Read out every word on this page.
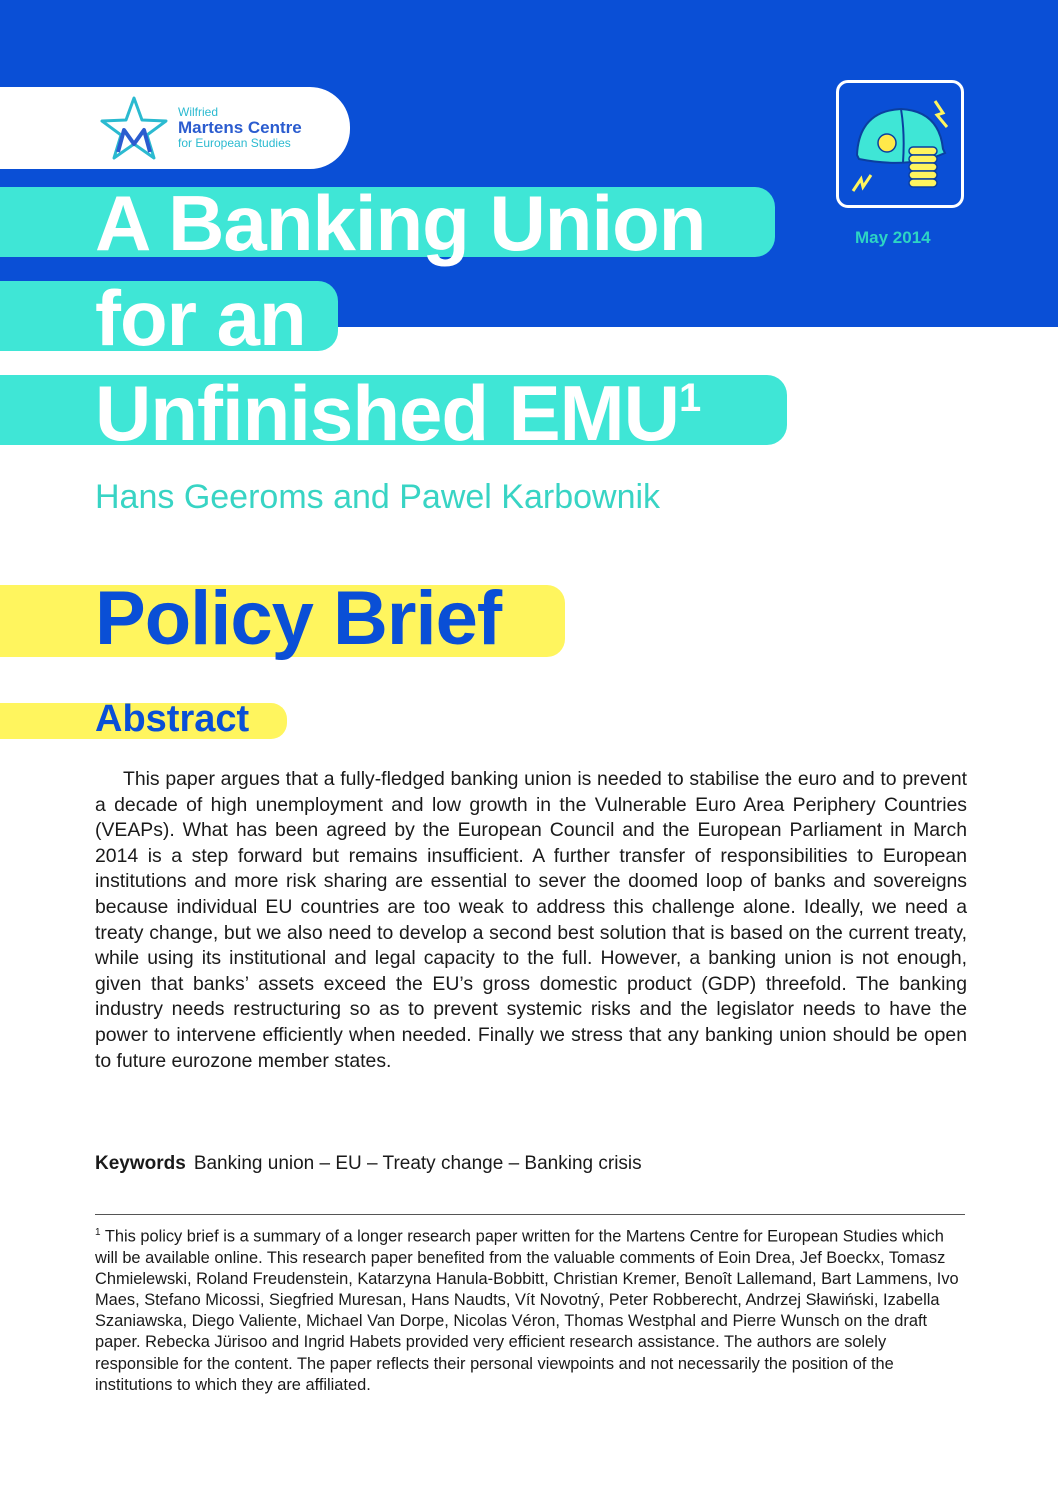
Wilfried
Martens Centre
for European Studies
May 2014
A Banking Union
for an
Unfinished EMU$^1$
Hans Geeroms and Pawel Karbownik
Policy Brief
Abstract

This paper argues that a fully-fledged banking union is needed to stabilise the euro and to prevent a decade of high unemployment and low growth in the Vulnerable Euro Area Periphery Countries (VEAPs). What has been agreed by the European Council and the European Parliament in March 2014 is a step forward but remains insufficient. A further transfer of responsibilities to European institutions and more risk sharing are essential to sever the doomed loop of banks and sovereigns because individual EU countries are too weak to address this challenge alone. Ideally, we need a treaty change, but we also need to develop a second best solution that is based on the current treaty, while using its institutional and legal capacity to the full. However, a banking union is not enough, given that banks’ assets exceed the EU’s gross domestic product (GDP) threefold. The banking industry needs restructuring so as to prevent systemic risks and the legislator needs to have the power to intervene efficiently when needed. Finally we stress that any banking union should be open to future eurozone member states.

Keywords Banking union – EU – Treaty change – Banking crisis

$^1$ This policy brief is a summary of a longer research paper written for the Martens Centre for European Studies which will be available online. This research paper benefited from the valuable comments of Eoin Drea, Jef Boeckx, Tomasz Chmielewski, Roland Freudenstein, Katarzyna Hanula-Bobbitt, Christian Kremer, Benoît Lallemand, Bart Lammens, Ivo Maes, Stefano Micossi, Siegfried Muresan, Hans Naudts, Vít Novotný, Peter Robberecht, Andrzej Sławiński, Izabella Szaniawska, Diego Valiente, Michael Van Dorpe, Nicolas Véron, Thomas Westphal and Pierre Wunsch on the draft paper. Rebecka Jürisoo and Ingrid Habets provided very efficient research assistance. The authors are solely responsible for the content. The paper reflects their personal viewpoints and not necessarily the position of the institutions to which they are affiliated.
